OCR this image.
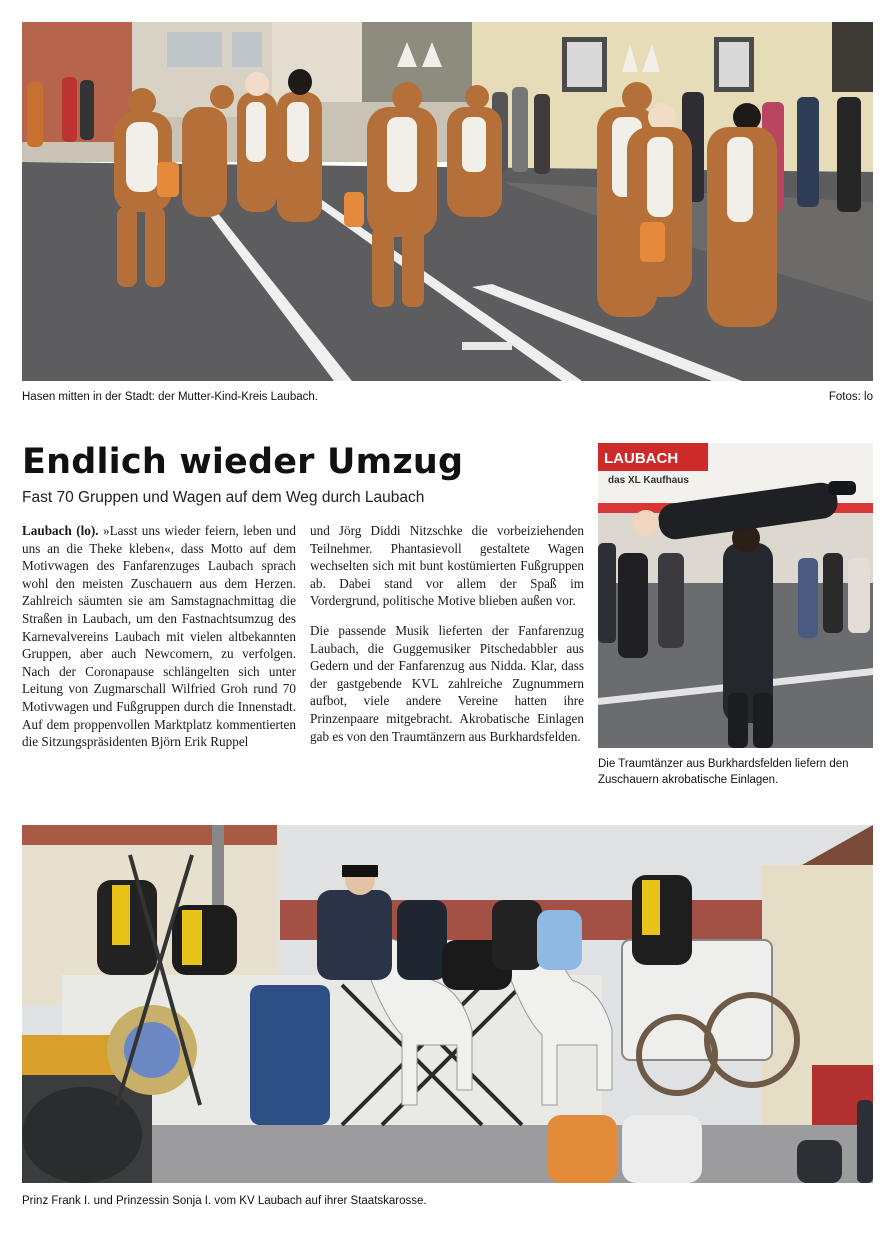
Hasen mitten in der Stadt: der Mutter-Kind-Kreis Laubach.	Fotos: lo
Endlich wieder Umzug
Fast 70 Gruppen und Wagen auf dem Weg durch Laubach

Laubach (lo). »Lasst uns wieder feiern, leben und uns an die Theke kleben«, dass Motto auf dem Motivwagen des Fanfarenzuges Laubach sprach wohl den meisten Zuschauern aus dem Herzen. Zahlreich säumten sie am Samstagnachmittag die Straßen in Laubach, um den Fastnachtsumzug des Karnevalvereins Laubach mit vielen altbekannten Gruppen, aber auch Newcomern, zu verfolgen. Nach der Coronapause schlängelten sich unter Leitung von Zugmarschall Wilfried Groh rund 70 Motivwagen und Fußgruppen durch die Innenstadt. Auf dem proppenvollen Marktplatz kommentierten die Sitzungspräsidenten Björn Erik Ruppel

und Jörg Diddi Nitzschke die vorbeiziehenden Teilnehmer. Phantasievoll gestaltete Wagen wechselten sich mit bunt kostümierten Fußgruppen ab. Dabei stand vor allem der Spaß im Vordergrund, politische Motive blieben außen vor.

Die passende Musik lieferten der Fanfarenzug Laubach, die Guggemusiker Pitschedabbler aus Gedern und der Fanfarenzug aus Nidda. Klar, dass der gastgebende KVL zahlreiche Zugnummern aufbot, viele andere Vereine hatten ihre Prinzenpaare mitgebracht. Akrobatische Einlagen gab es von den Traumtänzern aus Burkhardsfelden.

LAUBACH
das XL Kaufhaus
Die Traumtänzer aus Burkhardsfelden liefern den Zuschauern akrobatische Einlagen.
Prinz Frank I. und Prinzessin Sonja I. vom KV Laubach auf ihrer Staatskarosse.
